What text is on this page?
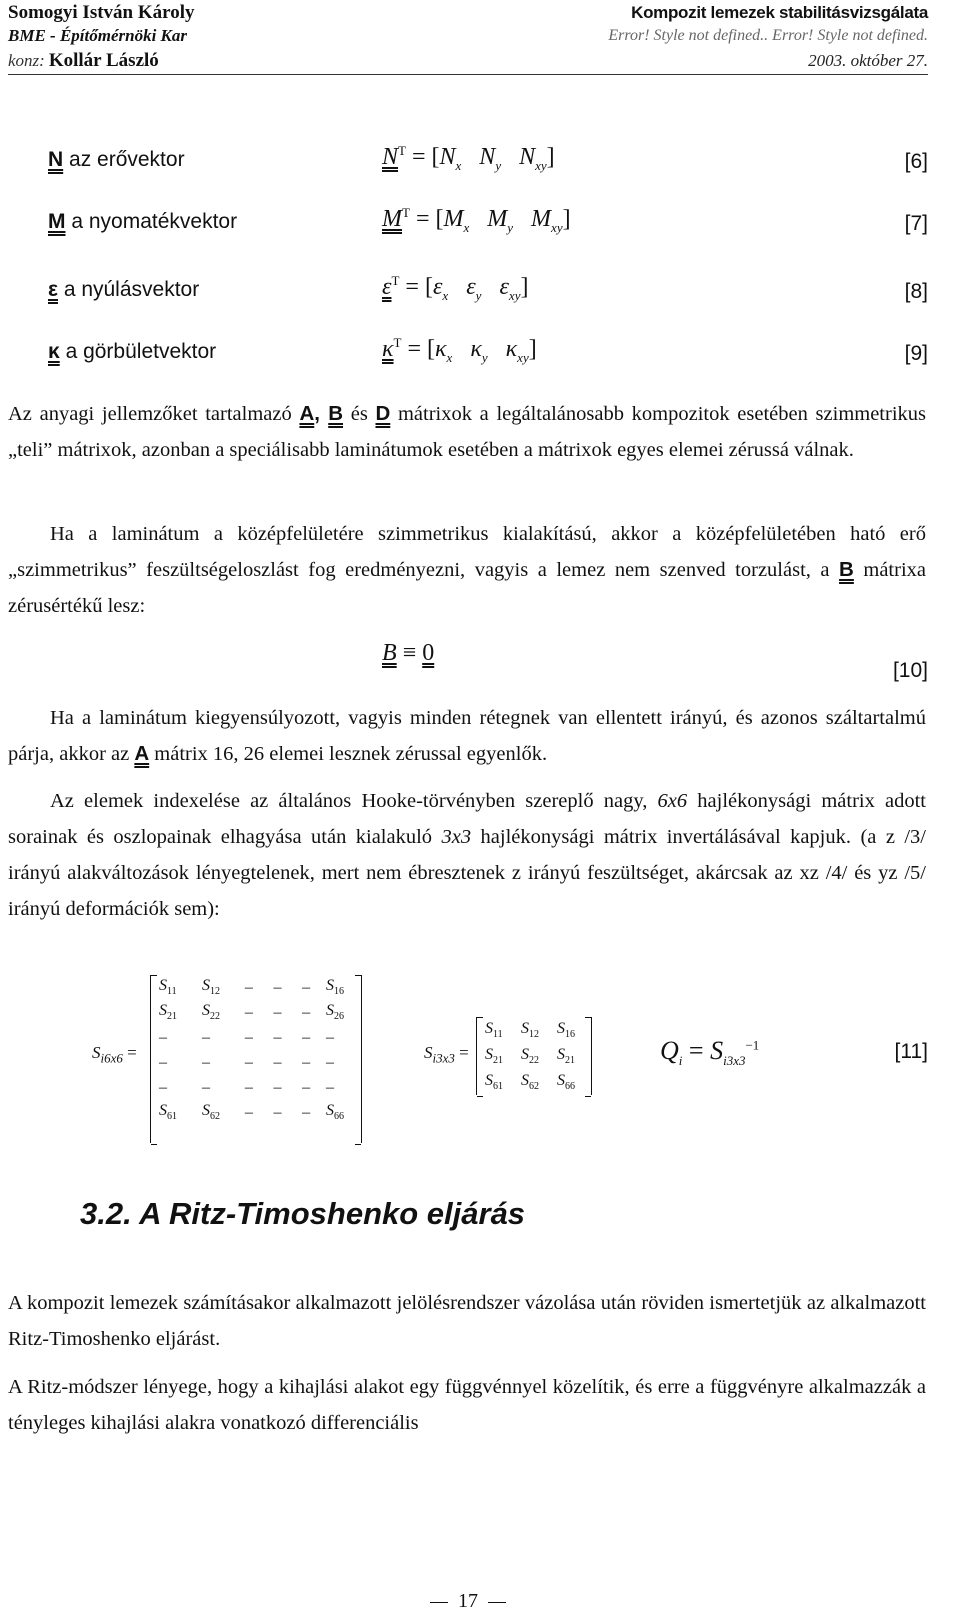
Somogyi István Károly
BME - Építőmérnöki Kar
konz: Kollár László
Kompozit lemezek stabilitásvizsgálata
Error! Style not defined.. Error! Style not defined.
2003. október 27.
N az erővektor	$N^T = [N_x$ $N_y$ $N_{xy}$]	[6]
M a nyomatékvektor	$M^T = [M_x$ $M_y$ $M_{xy}$]	[7]
ε a nyúlásvektor	$\varepsilon^T = [\varepsilon_x$ $\varepsilon_y$ $\varepsilon_{xy}$]	[8]
κ a görbületvektor	$\kappa^T = [\kappa_x$ $\kappa_y$ $\kappa_{xy}$]	[9]
Az anyagi jellemzőket tartalmazó A, B és D mátrixok a legáltalánosabb kompozitok esetében szimmetrikus „teli” mátrixok, azonban a speciálisabb laminátumok esetében a mátrixok egyes elemei zérussá válnak.
Ha a laminátum a középfelületére szimmetrikus kialakítású, akkor a középfelületében ható erő „szimmetrikus” feszültségeloszlást fog eredményezni, vagyis a lemez nem szenved torzulást, a B mátrixa zérusértékű lesz:
B ≡ 0
[10]
Ha a laminátum kiegyensúlyozott, vagyis minden rétegnek van ellentett irányú, és azonos száltartalmú párja, akkor az A mátrix 16, 26 elemei lesznek zérussal egyenlők.
Az elemek indexelése az általános Hooke-törvényben szereplő nagy, 6x6 hajlékonysági mátrix adott sorainak és oszlopainak elhagyása után kialakuló 3x3 hajlékonysági mátrix invertálásával kapjuk. (a z /3/ irányú alakváltozások lényegtelenek, mert nem ébresztenek z irányú feszültséget, akárcsak az xz /4/ és yz /5/ irányú deformációk sem):
$S_{i6x6}$ =
$S_{11}$	$S_{12}$	–	–	– $S_{16}$
$S_{21}$	$S_{22}$	–	–	– $S_{26}$
–	–	–	–	– –
–	–	–	–	– –
–	–	–	–	– –
$S_{61}$	$S_{62}$	–	–	– $S_{66}$
$S_{i3x3}$ =
$S_{11}$	$S_{12}$	$S_{16}$
$S_{21}$	$S_{22}$	$S_{21}$
$S_{61}$	$S_{62}$	$S_{66}$
$Q_i = S_{i3x3}^{-1}$	[11]
3.2. A Ritz-Timoshenko eljárás
A kompozit lemezek számításakor alkalmazott jelölésrendszer vázolása után röviden ismertetjük az alkalmazott Ritz-Timoshenko eljárást.
A Ritz-módszer lényege, hogy a kihajlási alakot egy függvénnyel közelítik, és erre a függvényre alkalmazzák a tényleges kihajlási alakra vonatkozó differenciális
17
